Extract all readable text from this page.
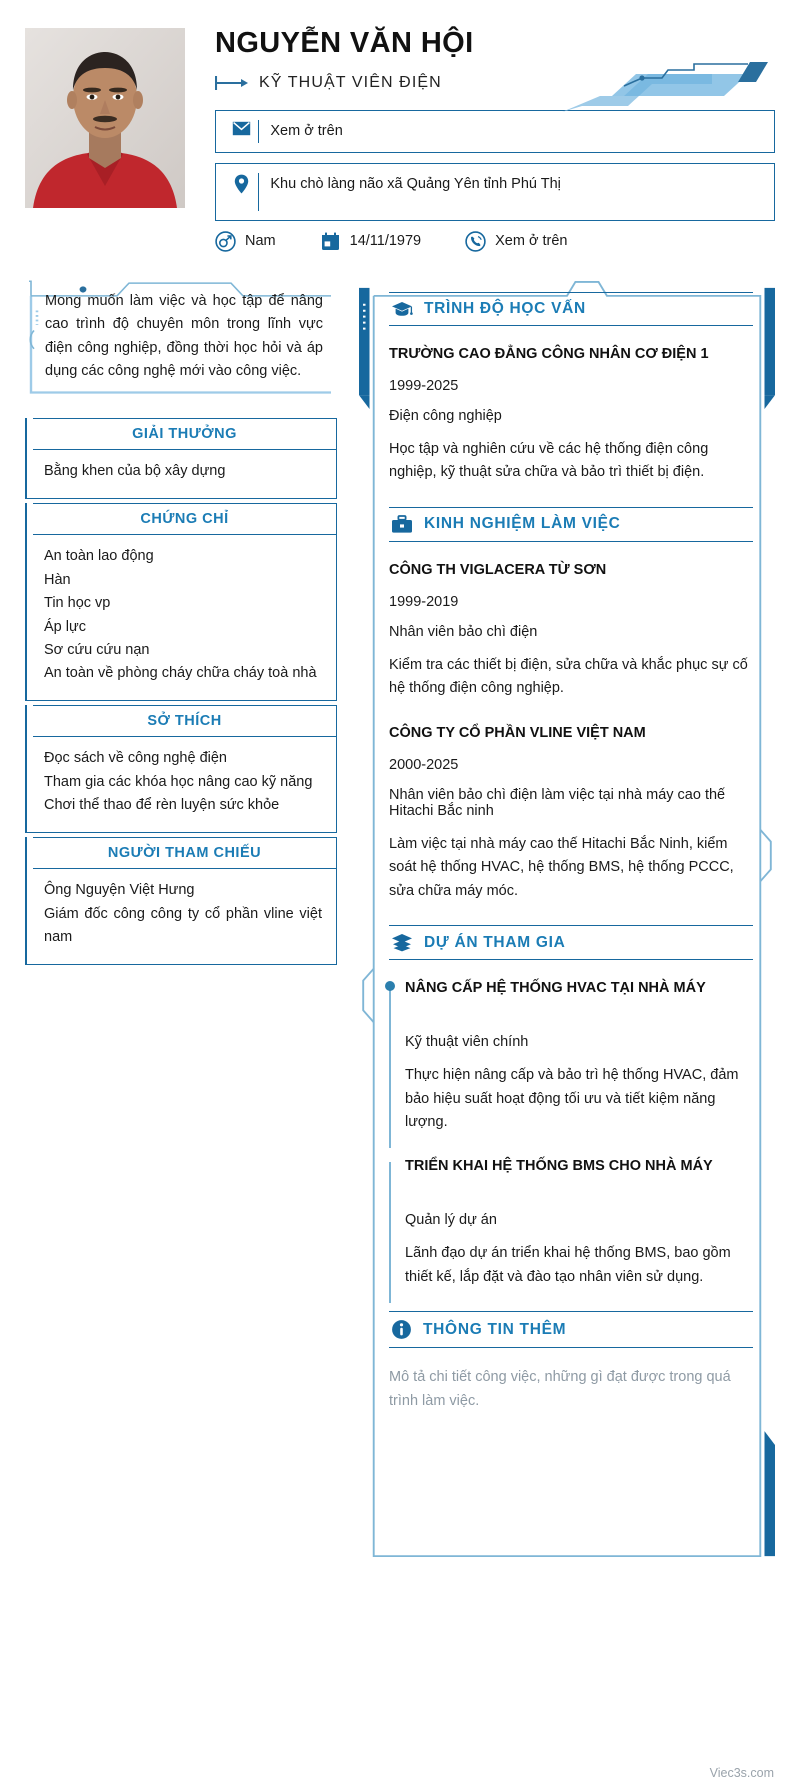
NGUYỄN VĂN HỘI
KỸ THUẬT VIÊN ĐIỆN
Xem ở trên
Khu chò làng não xã Quảng Yên tỉnh Phú Thị
Nam	14/11/1979	Xem ở trên

Mong muốn làm việc và học tập để nâng cao trình độ chuyên môn trong lĩnh vực điện công nghiệp, đồng thời học hỏi và áp dụng các công nghệ mới vào công việc.

GIẢI THƯỞNG
Bằng khen của bộ xây dựng
CHỨNG CHỈ
An toàn lao động
Hàn
Tin học vp
Áp lực
Sơ cứu cứu nạn
An toàn về phòng cháy chữa cháy toà nhà
SỞ THÍCH
Đọc sách về công nghệ điện
Tham gia các khóa học nâng cao kỹ năng
Chơi thể thao để rèn luyện sức khỏe
NGƯỜI THAM CHIẾU
Ông Nguyện Việt Hưng
Giám đốc công công ty cổ phần vline việt nam
TRÌNH ĐỘ HỌC VẤN
TRƯỜNG CAO ĐẲNG CÔNG NHÂN CƠ ĐIỆN 1
1999-2025
Điện công nghiệp
Học tập và nghiên cứu về các hệ thống điện công nghiệp, kỹ thuật sửa chữa và bảo trì thiết bị điện.
KINH NGHIỆM LÀM VIỆC
CÔNG TH VIGLACERA TỪ SƠN
1999-2019
Nhân viên bảo chì điện
Kiểm tra các thiết bị điện, sửa chữa và khắc phục sự cố hệ thống điện công nghiệp.
CÔNG TY CỔ PHẦN VLINE VIỆT NAM
2000-2025
Nhân viên bảo chì điện làm việc tại nhà máy cao thế Hitachi Bắc ninh
Làm việc tại nhà máy cao thế Hitachi Bắc Ninh, kiểm soát hệ thống HVAC, hệ thống BMS, hệ thống PCCC, sửa chữa máy móc.
DỰ ÁN THAM GIA
NÂNG CẤP HỆ THỐNG HVAC TẠI NHÀ MÁY
Kỹ thuật viên chính
Thực hiện nâng cấp và bảo trì hệ thống HVAC, đảm bảo hiệu suất hoạt động tối ưu và tiết kiệm năng lượng.
TRIỂN KHAI HỆ THỐNG BMS CHO NHÀ MÁY
Quản lý dự án
Lãnh đạo dự án triển khai hệ thống BMS, bao gồm thiết kế, lắp đặt và đào tạo nhân viên sử dụng.
THÔNG TIN THÊM
Mô tả chi tiết công việc, những gì đạt được trong quá trình làm việc.
Viec3s.com
